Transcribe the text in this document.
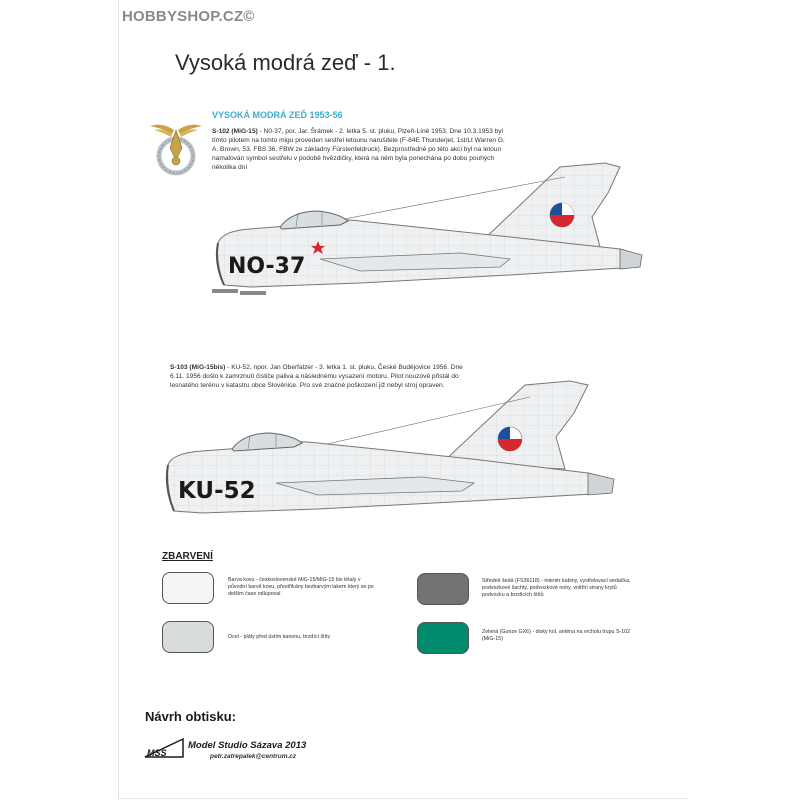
HOBBYSHOP.CZ©
Vysoká modrá zeď - 1.
VYSOKÁ MODRÁ ZEĎ 1953-56
S-102 (MiG-15) - N0-37, por. Jar. Šrámek - 2. letka 5. st. pluku, Plzeň-Líně 1953. Dne 10.3.1953 byl tímto pilotem na tomto migu proveden sestřel letounu narušitele (F-84E Thunderjet, 1st/Lt Warren G. A. Brown, 53. FBS 36. FBW ze základny Fürstenfeldruck). Bezprostředně po této akci byl na letoun namalován symbol sestřelu v podobě hvězdičky, která na něm byla ponechána po dobu pouhých několika dní
NO-37
S-103 (MiG-15bis) - KU-52, npor. Jan Oberfalzer - 3. letka 1. st. pluku, České Budějovice 1956. Dne 6.11. 1956 došlo k zamrznutí čističe paliva a následnému vysazení motoru. Pilot nouzově přistál do lesnatého terénu v katastru obce Slověnice. Pro své značné poškození již nebyl stroj opraven.
KU-52
ZBARVENÍ
Barva kovu - československé MiG-15/MiG-15 bis létaly v původní barvě kovu, přestříkány bezbarvým lakem který se po delším čase odlupoval
Ocel - pláty před ústím kanonu, brzdící štíty
Středně šedá (FS36118) - interiér kabiny, vystřelovací sedačka, podvozkové šachty, podvozkové nohy, vnitřní strany krytů podvozku a brzdících štítů
Zelená (Gunze GX6) - disky kol, anténa na vrcholu trupu S-102 (MiG-15)
Návrh obtisku:
MSS
Model Studio Sázava 2013
petr.zatrepalek@centrum.cz
